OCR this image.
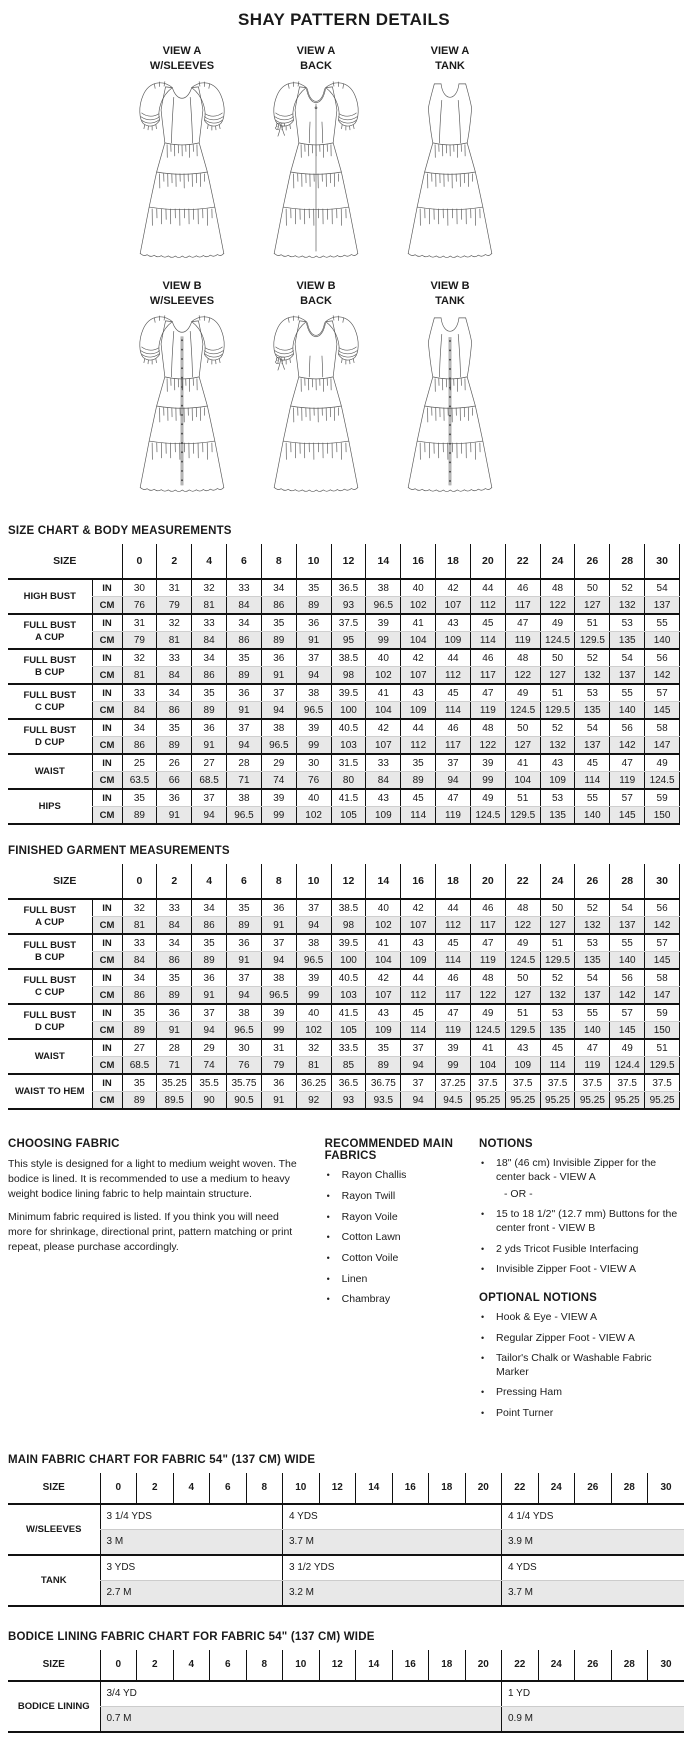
SHAY PATTERN DETAILS
VIEW A
W/SLEEVES
VIEW A
BACK
VIEW A
TANK
VIEW B
W/SLEEVES
VIEW B
BACK
VIEW B
TANK
SIZE CHART & BODY MEASUREMENTS
SIZE		0	2	4	6	8	10	12	14	16	18	20	22	24	26	28	30
HIGH BUST	IN	30	31	32	33	34	35	36.5	38	40	42	44	46	48	50	52	54
	CM	76	79	81	84	86	89	93	96.5	102	107	112	117	122	127	132	137
FULL BUST
A CUP	IN	31	32	33	34	35	36	37.5	39	41	43	45	47	49	51	53	55
	CM	79	81	84	86	89	91	95	99	104	109	114	119	124.5	129.5	135	140
FULL BUST
B CUP	IN	32	33	34	35	36	37	38.5	40	42	44	46	48	50	52	54	56
	CM	81	84	86	89	91	94	98	102	107	112	117	122	127	132	137	142
FULL BUST
C CUP	IN	33	34	35	36	37	38	39.5	41	43	45	47	49	51	53	55	57
	CM	84	86	89	91	94	96.5	100	104	109	114	119	124.5	129.5	135	140	145
FULL BUST
D CUP	IN	34	35	36	37	38	39	40.5	42	44	46	48	50	52	54	56	58
	CM	86	89	91	94	96.5	99	103	107	112	117	122	127	132	137	142	147
WAIST	IN	25	26	27	28	29	30	31.5	33	35	37	39	41	43	45	47	49
	CM	63.5	66	68.5	71	74	76	80	84	89	94	99	104	109	114	119	124.5
HIPS	IN	35	36	37	38	39	40	41.5	43	45	47	49	51	53	55	57	59
	CM	89	91	94	96.5	99	102	105	109	114	119	124.5	129.5	135	140	145	150
FINISHED GARMENT MEASUREMENTS
SIZE		0	2	4	6	8	10	12	14	16	18	20	22	24	26	28	30
FULL BUST
A CUP	IN	32	33	34	35	36	37	38.5	40	42	44	46	48	50	52	54	56
	CM	81	84	86	89	91	94	98	102	107	112	117	122	127	132	137	142
FULL BUST
B CUP	IN	33	34	35	36	37	38	39.5	41	43	45	47	49	51	53	55	57
	CM	84	86	89	91	94	96.5	100	104	109	114	119	124.5	129.5	135	140	145
FULL BUST
C CUP	IN	34	35	36	37	38	39	40.5	42	44	46	48	50	52	54	56	58
	CM	86	89	91	94	96.5	99	103	107	112	117	122	127	132	137	142	147
FULL BUST
D CUP	IN	35	36	37	38	39	40	41.5	43	45	47	49	51	53	55	57	59
	CM	89	91	94	96.5	99	102	105	109	114	119	124.5	129.5	135	140	145	150
WAIST	IN	27	28	29	30	31	32	33.5	35	37	39	41	43	45	47	49	51
	CM	68.5	71	74	76	79	81	85	89	94	99	104	109	114	119	124.4	129.5
WAIST TO HEM	IN	35	35.25	35.5	35.75	36	36.25	36.5	36.75	37	37.25	37.5	37.5	37.5	37.5	37.5	37.5
	CM	89	89.5	90	90.5	91	92	93	93.5	94	94.5	95.25	95.25	95.25	95.25	95.25	95.25
CHOOSING FABRIC

This style is designed for a light to medium weight woven. The bodice is lined. It is recommended to use a medium to heavy weight bodice lining fabric to help maintain structure.

Minimum fabric required is listed. If you think you will need more for shrinkage, directional print, pattern matching or print repeat, please purchase accordingly.

RECOMMENDED MAIN FABRICS
•	Rayon Challis
•	Rayon Twill
•	Rayon Voile
•	Cotton Lawn
•	Cotton Voile
•	Linen
•	Chambray
NOTIONS
•	18" (46 cm) Invisible Zipper for the center back - VIEW A
- OR -
•	15 to 18 1/2" (12.7 mm) Buttons for the center front - VIEW B
•	2 yds Tricot Fusible Interfacing
•	Invisible Zipper Foot - VIEW A
OPTIONAL NOTIONS
•	Hook & Eye - VIEW A
•	Regular Zipper Foot - VIEW A
•	Tailor's Chalk or Washable Fabric Marker
•	Pressing Ham
•	Point Turner
MAIN FABRIC CHART FOR FABRIC 54" (137 CM) WIDE
SIZE	0	2	4	6	8	10	12	14	16	18	20	22	24	26	28	30
W/SLEEVES	3 1/4 YDS					4 YDS						4 1/4 YDS				
	3 M					3.7 M						3.9 M				
TANK	3 YDS					3 1/2 YDS						4 YDS				
	2.7 M					3.2 M						3.7 M				
BODICE LINING FABRIC CHART FOR FABRIC 54" (137 CM) WIDE
SIZE	0	2	4	6	8	10	12	14	16	18	20	22	24	26	28	30
BODICE LINING	3/4 YD											1 YD				
	0.7 M											0.9 M				
